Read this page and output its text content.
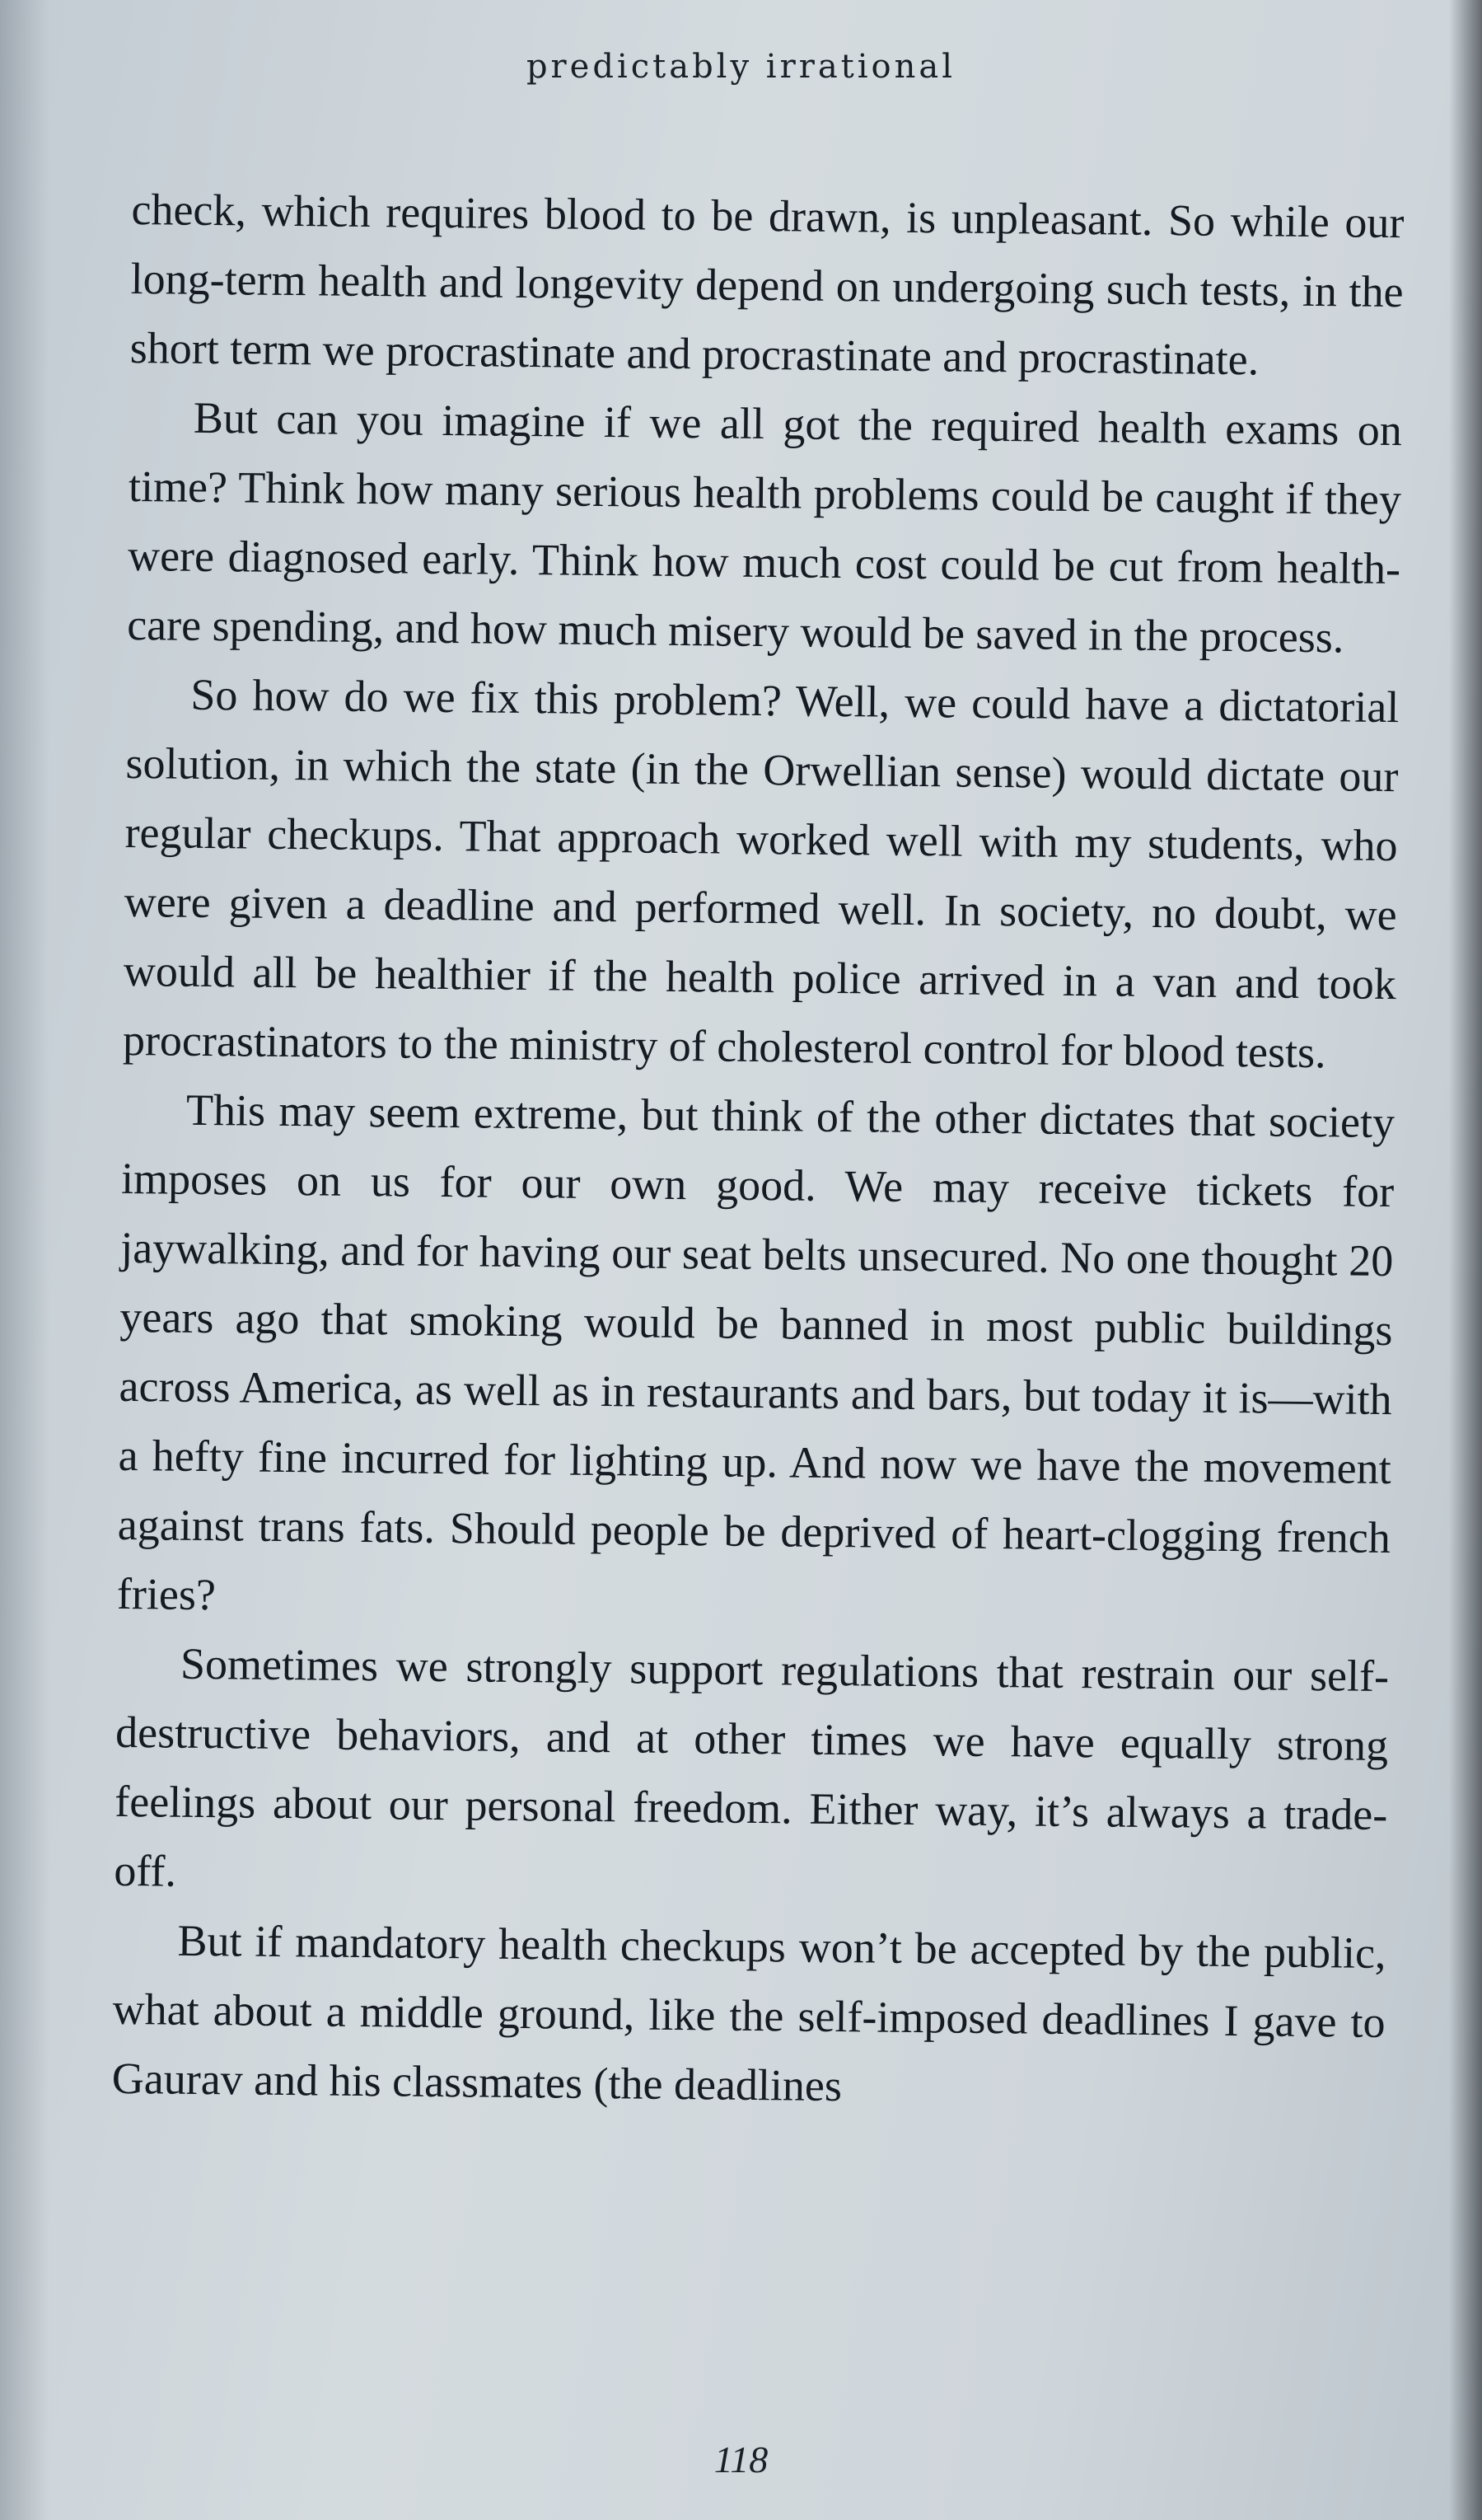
predictably irrational

check, which requires blood to be drawn, is unpleasant. So while our long-term health and longevity depend on undergoing such tests, in the short term we procrastinate and procrastinate and procrastinate.

But can you imagine if we all got the required health exams on time? Think how many serious health problems could be caught if they were diagnosed early. Think how much cost could be cut from health-care spending, and how much misery would be saved in the process.

So how do we fix this problem? Well, we could have a dictatorial solution, in which the state (in the Orwellian sense) would dictate our regular checkups. That approach worked well with my students, who were given a deadline and performed well. In society, no doubt, we would all be healthier if the health police arrived in a van and took procrastinators to the ministry of cholesterol control for blood tests.

This may seem extreme, but think of the other dictates that society imposes on us for our own good. We may receive tickets for jaywalking, and for having our seat belts unsecured. No one thought 20 years ago that smoking would be banned in most public buildings across America, as well as in restaurants and bars, but today it is—with a hefty fine incurred for lighting up. And now we have the movement against trans fats. Should people be deprived of heart-clogging french fries?

Sometimes we strongly support regulations that restrain our self-destructive behaviors, and at other times we have equally strong feelings about our personal freedom. Either way, it’s always a trade-off.

But if mandatory health checkups won’t be accepted by the public, what about a middle ground, like the self-imposed deadlines I gave to Gaurav and his classmates (the deadlines

118
